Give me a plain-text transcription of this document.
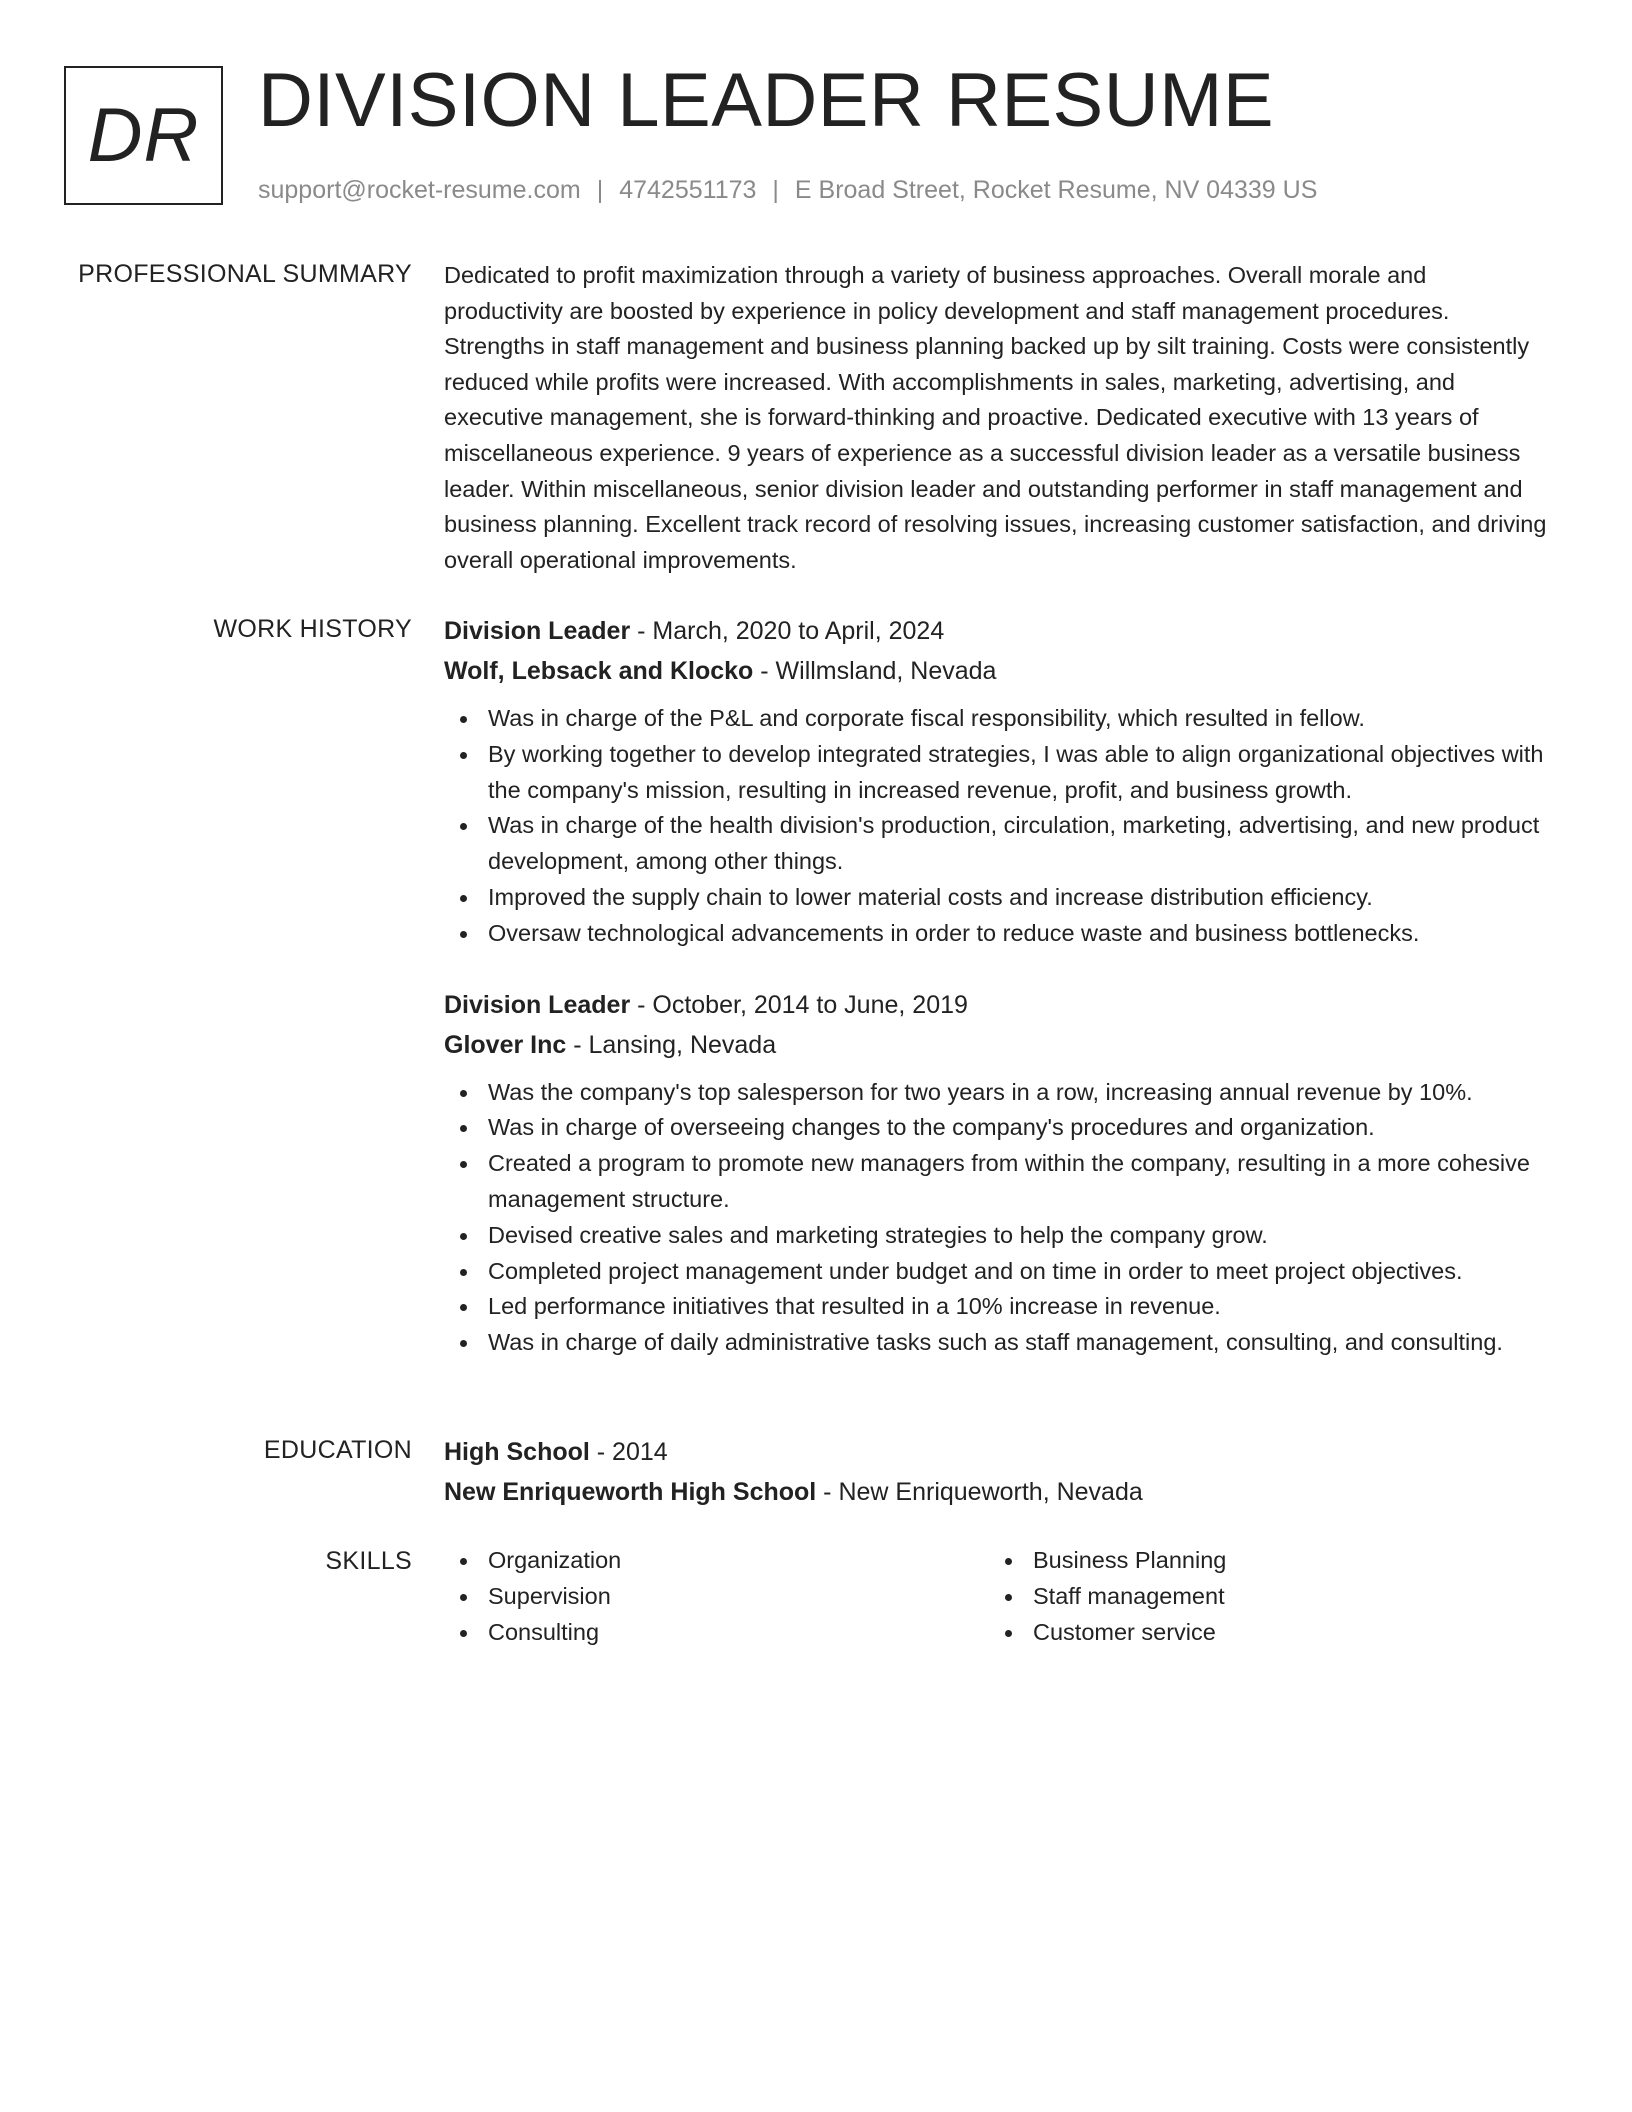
DR DIVISION LEADER RESUME
support@rocket-resume.com | 4742551173 | E Broad Street, Rocket Resume, NV 04339 US
PROFESSIONAL SUMMARY Dedicated to profit maximization through a variety of business approaches. Overall morale and productivity are boosted by experience in policy development and staff management procedures. Strengths in staff management and business planning backed up by silt training. Costs were consistently reduced while profits were increased. With accomplishments in sales, marketing, advertising, and executive management, she is forward-thinking and proactive. Dedicated executive with 13 years of miscellaneous experience. 9 years of experience as a successful division leader as a versatile business leader. Within miscellaneous, senior division leader and outstanding performer in staff management and business planning. Excellent track record of resolving issues, increasing customer satisfaction, and driving overall operational improvements.

WORK HISTORY Division Leader - March, 2020 to April, 2024
Wolf, Lebsack and Klocko - Willmsland, Nevada
Was in charge of the P&L and corporate fiscal responsibility, which resulted in fellow.
By working together to develop integrated strategies, I was able to align organizational objectives with the company's mission, resulting in increased revenue, profit, and business growth.
Was in charge of the health division's production, circulation, marketing, advertising, and new product development, among other things.
Improved the supply chain to lower material costs and increase distribution efficiency.
Oversaw technological advancements in order to reduce waste and business bottlenecks.
Division Leader - October, 2014 to June, 2019
Glover Inc - Lansing, Nevada
Was the company's top salesperson for two years in a row, increasing annual revenue by 10%.
Was in charge of overseeing changes to the company's procedures and organization.
Created a program to promote new managers from within the company, resulting in a more cohesive management structure.
Devised creative sales and marketing strategies to help the company grow.
Completed project management under budget and on time in order to meet project objectives.
Led performance initiatives that resulted in a 10% increase in revenue.
Was in charge of daily administrative tasks such as staff management, consulting, and consulting.
EDUCATION High School - 2014
New Enriqueworth High School - New Enriqueworth, Nevada
SKILLS	Organization
Supervision
Consulting
Business Planning
Staff management
Customer service
